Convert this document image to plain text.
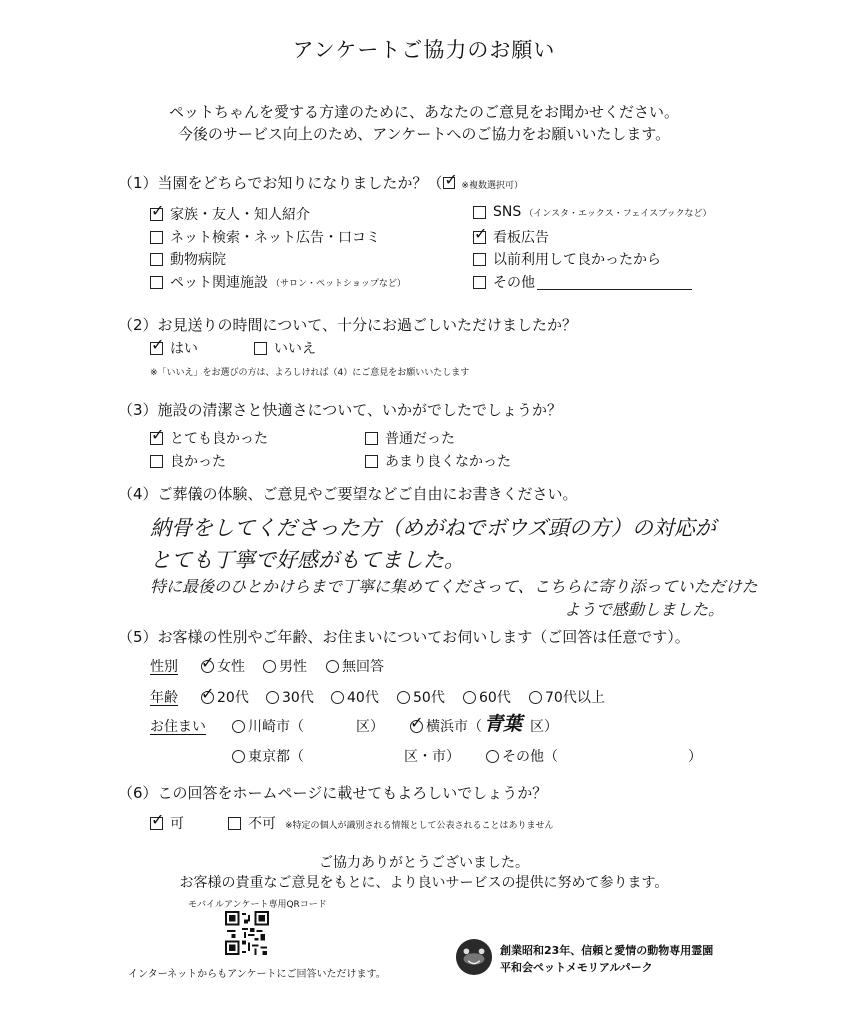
アンケートご協力のお願い
ペットちゃんを愛する方達のために、あなたのご意見をお聞かせください。
今後のサービス向上のため、アンケートへのご協力をお願いいたします。
（1）当園をどちらでお知りになりましたか？（ ✓ ※複数選択可）
✓
家族・友人・知人紹介
ネット検索・ネット広告・口コミ
動物病院
ペット関連施設 （サロン・ペットショップなど）
SNS （インスタ・エックス・フェイスブックなど）
✓
看板広告
以前利用して良かったから
その他
（2）お見送りの時間について、十分にお過ごしいただけましたか？
✓
はい	いいえ
※「いいえ」をお選びの方は、よろしければ（4）にご意見をお願いいたします
（3）施設の清潔さと快適さについて、いかがでしたでしょうか？
✓
とても良かった	普通だった
良かった	あまり良くなかった
（4）ご葬儀の体験、ご意見やご要望などご自由にお書きください。
納骨をしてくださった方（めがねでボウズ頭の方）の対応が
とても丁寧で好感がもてました。
特に最後のひとかけらまで丁寧に集めてくださって、こちらに寄り添っていただけた
ようで感動しました。
（5）お客様の性別やご年齢、お住まいについてお伺いします（ご回答は任意です）。
性別 ✓	女性 男性	無回答
年齢 ✓	20代 30代 40代 50代 60代 70代以上
お住まい	川崎市（	区） ✓	横浜市（ 青葉 区）
東京都（	区・市）	その他（	）
（6）この回答をホームページに載せてもよろしいでしょうか？
✓
可	不可 ※特定の個人が識別される情報として公表されることはありません
ご協力ありがとうございました。
お客様の貴重なご意見をもとに、より良いサービスの提供に努めて参ります。
モバイルアンケート専用QRコード
インターネットからもアンケートにご回答いただけます。
創業昭和23年、信頼と愛情の動物専用霊園
平和会ペットメモリアルパーク
